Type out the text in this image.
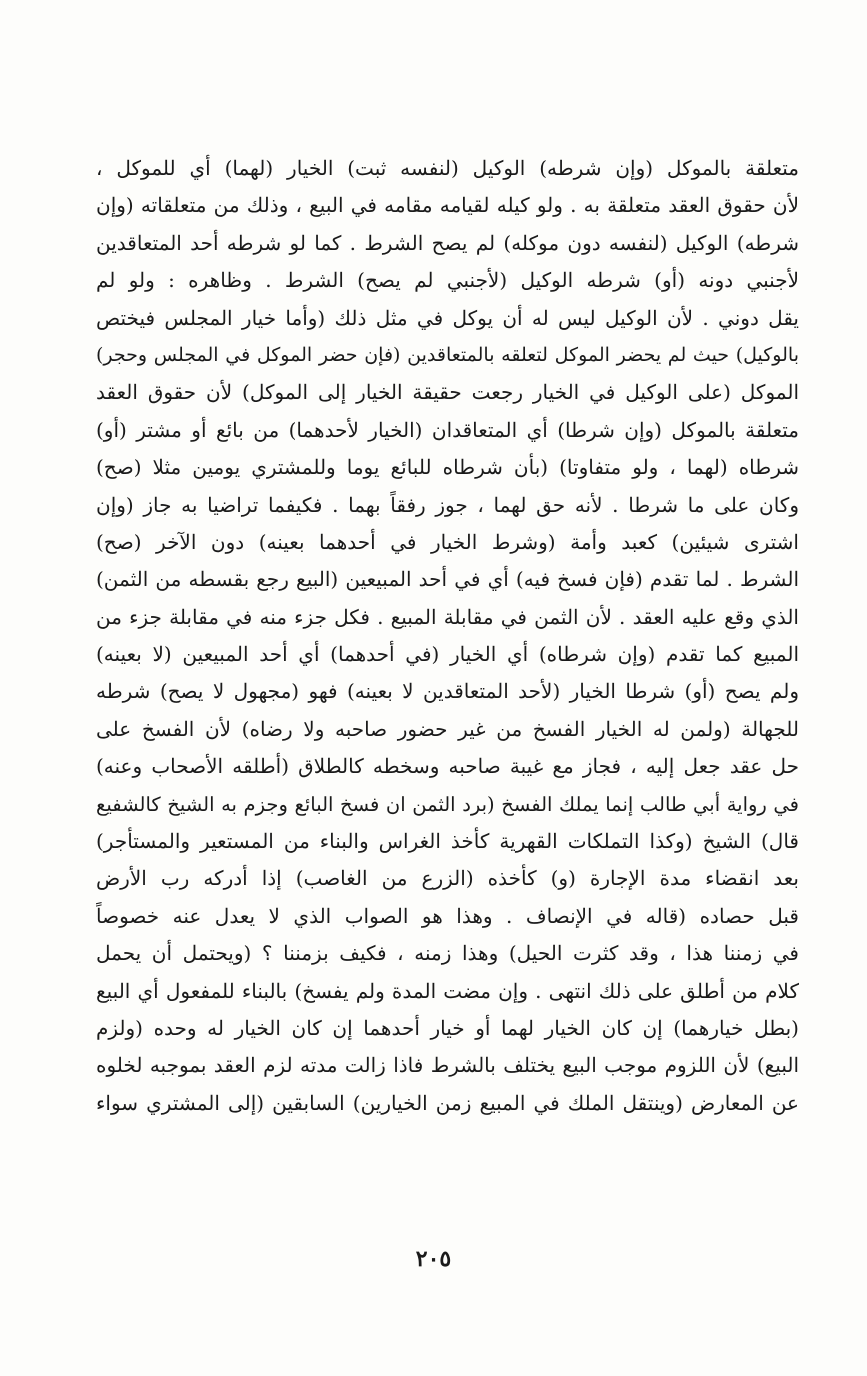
متعلقة بالموكل (وإن شرطه) الوكيل (لنفسه ثبت) الخيار (لهما) أي للموكل ،
لأن حقوق العقد متعلقة به . ولو كيله لقيامه مقامه في البيع ، وذلك من متعلقاته (وإن
شرطه) الوكيل (لنفسه دون موكله) لم يصح الشرط . كما لو شرطه أحد المتعاقدين
لأجنبي دونه (أو) شرطه الوكيل (لأجنبي لم يصح) الشرط . وظاهره : ولو لم
يقل دوني . لأن الوكيل ليس له أن يوكل في مثل ذلك (وأما خيار المجلس فيختص
بالوكيل) حيث لم يحضر الموكل لتعلقه بالمتعاقدين (فإن حضر الموكل في المجلس وحجر)
الموكل (على الوكيل في الخيار رجعت حقيقة الخيار إلى الموكل) لأن حقوق العقد
متعلقة بالموكل (وإن شرطا) أي المتعاقدان (الخيار لأحدهما) من بائع أو مشتر (أو)
شرطاه (لهما ، ولو متفاوتا) (بأن شرطاه للبائع يوما وللمشتري يومين مثلا (صح)
وكان على ما شرطا . لأنه حق لهما ، جوز رفقاً بهما . فكيفما تراضيا به جاز (وإن
اشترى شيئين) كعبد وأمة (وشرط الخيار في أحدهما بعينه) دون الآخر (صح)
الشرط . لما تقدم (فإن فسخ فيه) أي في أحد المبيعين (البيع رجع بقسطه من الثمن)
الذي وقع عليه العقد . لأن الثمن في مقابلة المبيع . فكل جزء منه في مقابلة جزء من
المبيع كما تقدم (وإن شرطاه) أي الخيار (في أحدهما) أي أحد المبيعين (لا بعينه)
ولم يصح (أو) شرطا الخيار (لأحد المتعاقدين لا بعينه) فهو (مجهول لا يصح) شرطه
للجهالة (ولمن له الخيار الفسخ من غير حضور صاحبه ولا رضاه) لأن الفسخ على
حل عقد جعل إليه ، فجاز مع غيبة صاحبه وسخطه كالطلاق (أطلقه الأصحاب وعنه)
في رواية أبي طالب إنما يملك الفسخ (برد الثمن ان فسخ البائع وجزم به الشيخ كالشفيع
قال) الشيخ (وكذا التملكات القهرية كأخذ الغراس والبناء من المستعير والمستأجر)
بعد انقضاء مدة الإجارة (و) كأخذه (الزرع من الغاصب) إذا أدركه رب الأرض
قبل حصاده (قاله في الإنصاف . وهذا هو الصواب الذي لا يعدل عنه خصوصاً
في زمننا هذا ، وقد كثرت الحيل) وهذا زمنه ، فكيف بزمننا ؟ (ويحتمل أن يحمل
كلام من أطلق على ذلك انتهى . وإن مضت المدة ولم يفسخ) بالبناء للمفعول أي البيع
(بطل خيارهما) إن كان الخيار لهما أو خيار أحدهما إن كان الخيار له وحده (ولزم
البيع) لأن اللزوم موجب البيع يختلف بالشرط فاذا زالت مدته لزم العقد بموجبه لخلوه
عن المعارض (وينتقل الملك في المبيع زمن الخيارين) السابقين (إلى المشتري سواء
٢٠٥
